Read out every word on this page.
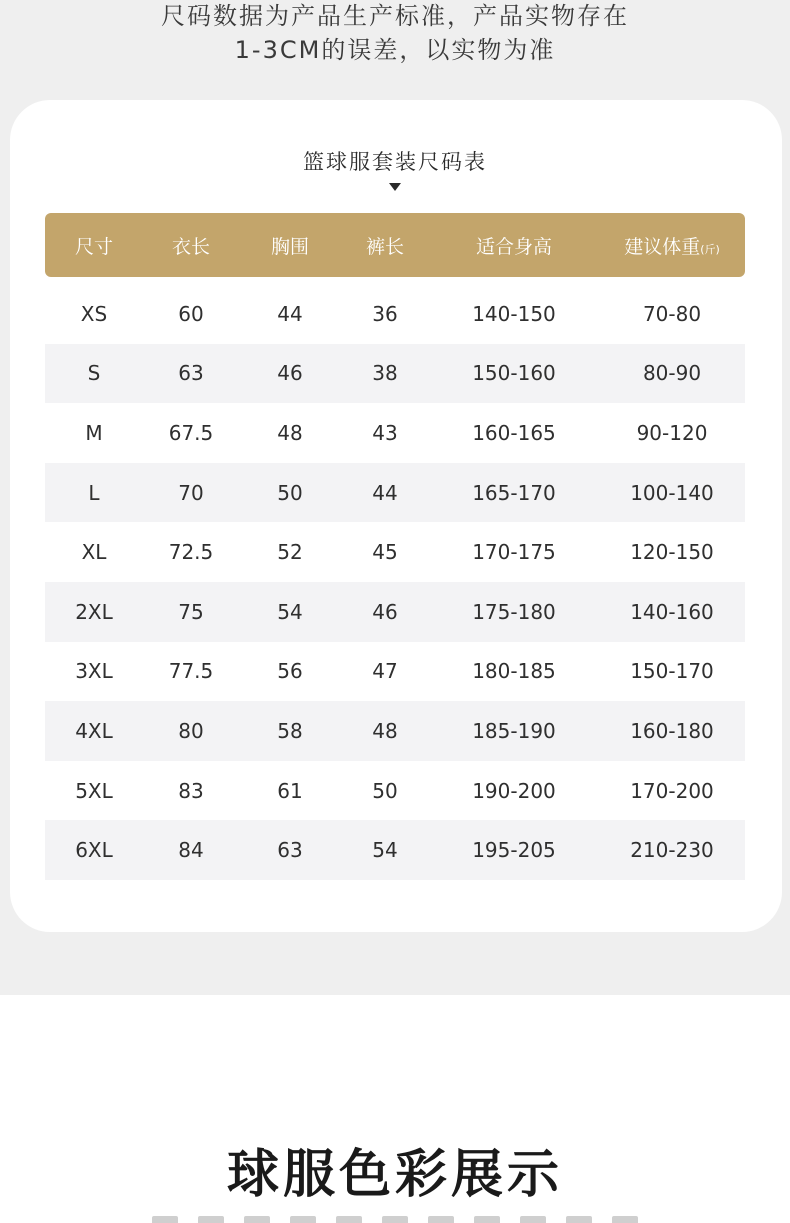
尺码数据为产品生产标准，产品实物存在
1-3CM的误差，以实物为准
篮球服套装尺码表
尺寸	衣长	胸围	裤长	适合身高	建议体重(斤)
XS	60	44	36	140-150	70-80
S	63	46	38	150-160	80-90
M	67.5	48	43	160-165	90-120
L	70	50	44	165-170	100-140
XL	72.5	52	45	170-175	120-150
2XL	75	54	46	175-180	140-160
3XL	77.5	56	47	180-185	150-170
4XL	80	58	48	185-190	160-180
5XL	83	61	50	190-200	170-200
6XL	84	63	54	195-205	210-230
球服色彩展示
